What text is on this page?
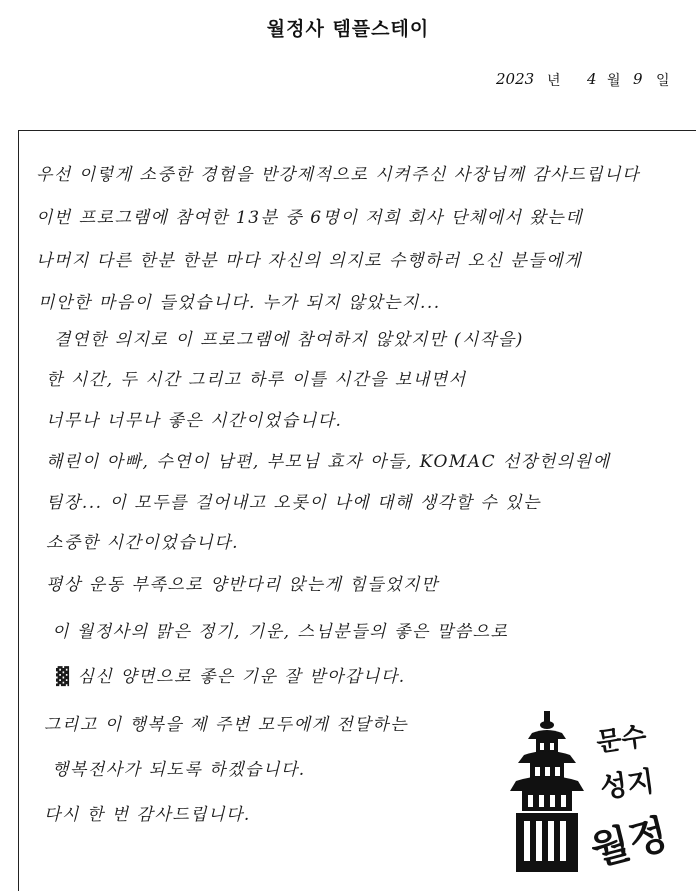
월정사 템플스테이
2023 년 4 월 9 일
우선 이렇게 소중한 경험을 반강제적으로 시켜주신 사장님께 감사드립니다
이번 프로그램에 참여한 13분 중 6명이 저희 회사 단체에서 왔는데
나머지 다른 한분 한분 마다 자신의 의지로 수행하러 오신 분들에게
미안한 마음이 들었습니다. 누가 되지 않았는지...
결연한 의지로 이 프로그램에 참여하지 않았지만 (시작을)
한 시간, 두 시간 그리고 하루 이틀 시간을 보내면서
너무나 너무나 좋은 시간이었습니다.
해린이 아빠, 수연이 남편, 부모님 효자 아들, KOMAC 선장헌의원에
팀장... 이 모두를 걸어내고 오롯이 나에 대해 생각할 수 있는
소중한 시간이었습니다.
평상 운동 부족으로 양반다리 앉는게 힘들었지만
이 월정사의 맑은 정기, 기운, 스님분들의 좋은 말씀으로
▓ 심신 양면으로 좋은 기운 잘 받아갑니다.
그리고 이 행복을 제 주변 모두에게 전달하는
행복전사가 되도록 하겠습니다.
다시 한 번 감사드립니다.
문수
성지
월정
